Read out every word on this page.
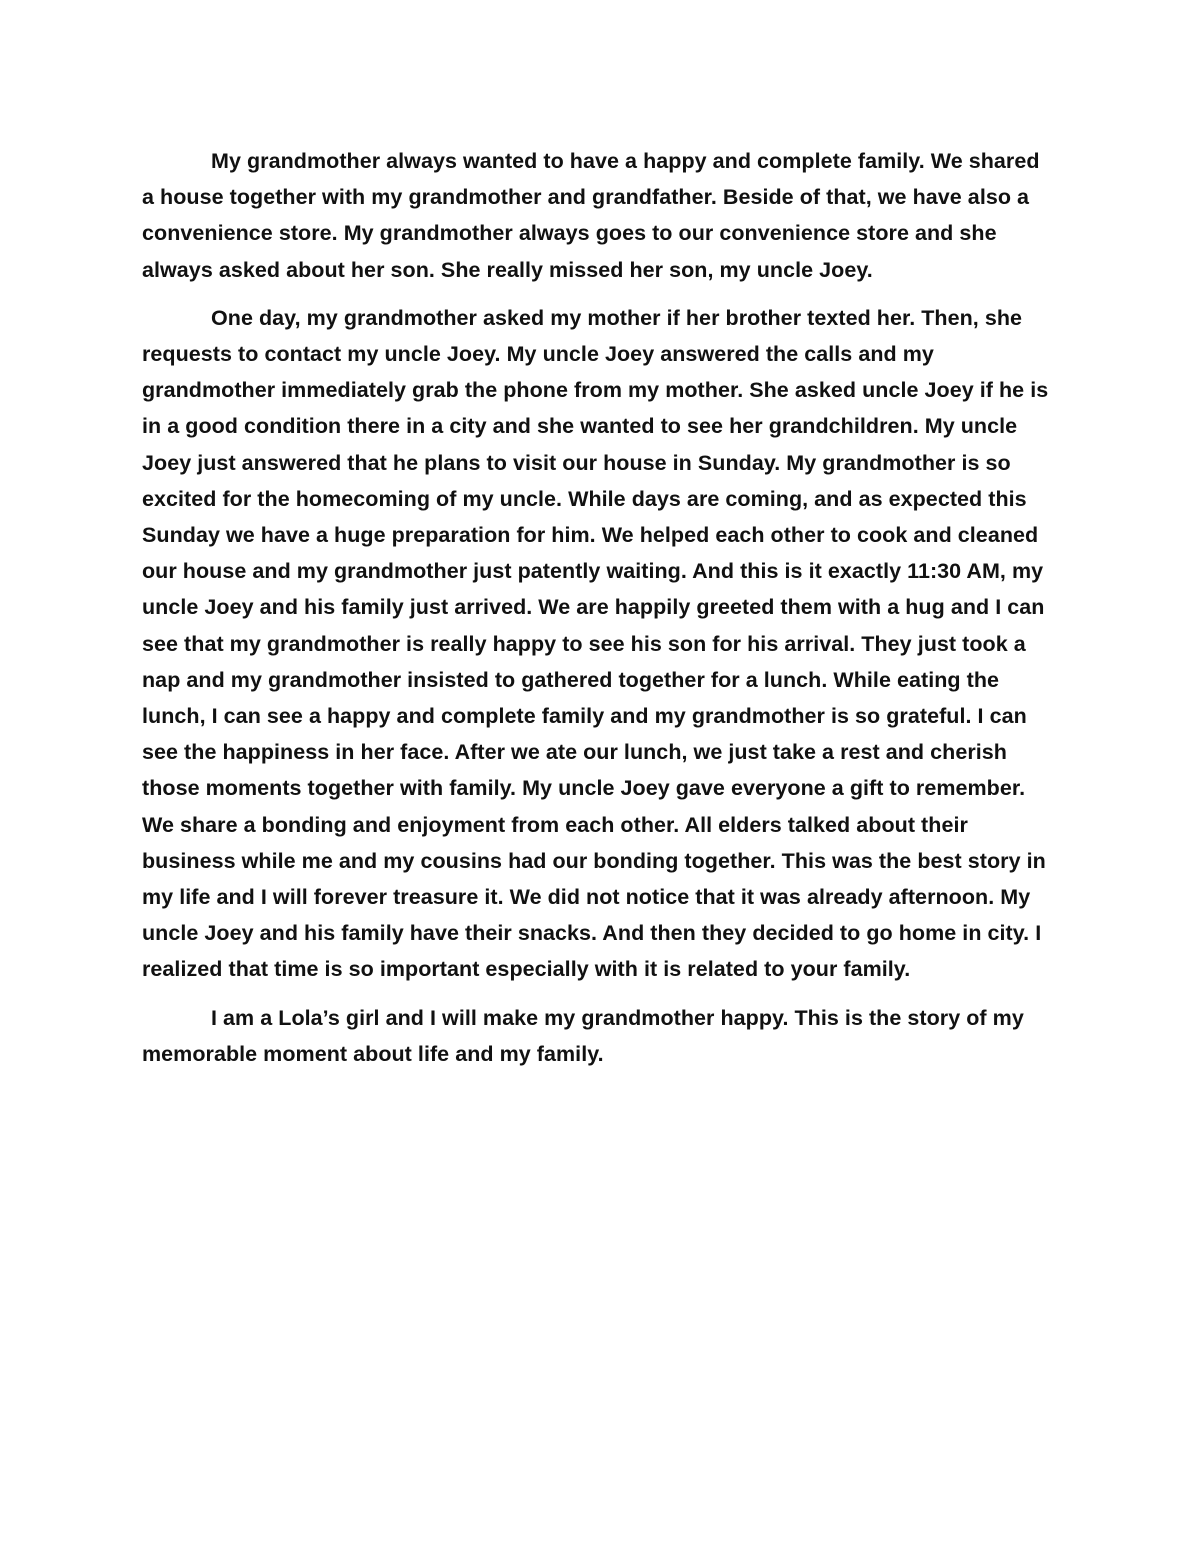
My grandmother always wanted to have a happy and complete family. We shared a house together with my grandmother and grandfather. Beside of that, we have also a convenience store. My grandmother always goes to our convenience store and she always asked about her son. She really missed her son, my uncle Joey.

One day, my grandmother asked my mother if her brother texted her. Then, she requests to contact my uncle Joey. My uncle Joey answered the calls and my grandmother immediately grab the phone from my mother. She asked uncle Joey if he is in a good condition there in a city and she wanted to see her grandchildren. My uncle Joey just answered that he plans to visit our house in Sunday. My grandmother is so excited for the homecoming of my uncle. While days are coming, and as expected this Sunday we have a huge preparation for him. We helped each other to cook and cleaned our house and my grandmother just patently waiting. And this is it exactly 11:30 AM, my uncle Joey and his family just arrived. We are happily greeted them with a hug and I can see that my grandmother is really happy to see his son for his arrival. They just took a nap and my grandmother insisted to gathered together for a lunch. While eating the lunch, I can see a happy and complete family and my grandmother is so grateful. I can see the happiness in her face. After we ate our lunch, we just take a rest and cherish those moments together with family. My uncle Joey gave everyone a gift to remember. We share a bonding and enjoyment from each other. All elders talked about their business while me and my cousins had our bonding together. This was the best story in my life and I will forever treasure it. We did not notice that it was already afternoon. My uncle Joey and his family have their snacks. And then they decided to go home in city. I realized that time is so important especially with it is related to your family.

I am a Lola’s girl and I will make my grandmother happy. This is the story of my memorable moment about life and my family.
